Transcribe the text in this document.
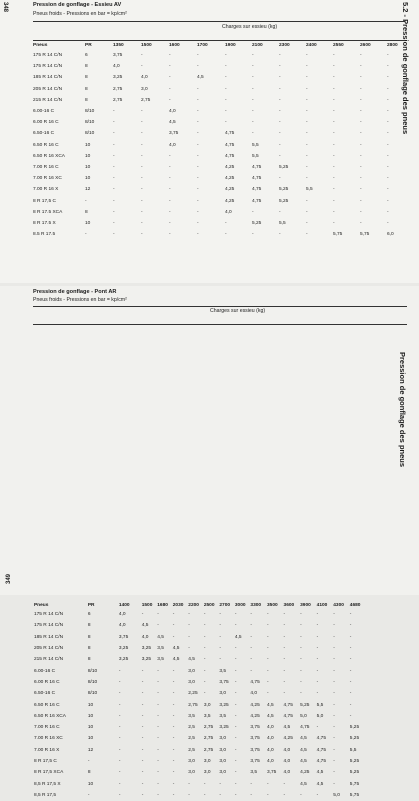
348	5.2 - Pression de gonflage des pneus
Pression de gonflage - Essieu AV
Pneus froids - Pressions en bar = kp/cm²
Charges sur essieu (kg)
	Pneus	PR	1350	1500	1600	1700	1900	2100	2300	2400	2550	2600	2800
	175 R 14 C/N	6	3,75	-	-	-	-	-	-	-	-	-	-
	175 R 14 C/N	8	4,0	-	-	-	-	-	-	-	-	-	-
	185 R 14 C/N	8	3,25	4,0	-	4,5	-	-	-	-	-	-	-
	205 R 14 C/N	8	2,75	3,0	-	-	-	-	-	-	-	-	-
	215 R 14 C/N	8	2,75	2,75	-	-	-	-	-	-	-	-	-
	6.00-16 C	8/10	-	-	4,0	-	-	-	-	-	-	-	-
	6.00 R 16 C	8/10	-	-	4,5	-	-	-	-	-	-	-	-
	6.50-16 C	8/10	-	-	3,75	-	4,75	-	-	-	-	-	-
	6.50 R 16 C	10	-	-	4,0	-	4,75	5,5	-	-	-	-	-
	6.50 R 16 XCA	10	-	-	-	-	4,75	5,5	-	-	-	-	-
	7.00 R 16 C	10	-	-	-	-	4,25	4,75	5,25	-	-	-	-
	7.00 R 16 XC	10	-	-	-	-	4,25	4,75	-	-	-	-	-
	7.00 R 16 X	12	-	-	-	-	4,25	4,75	5,25	5,5	-	-	-
	8 R 17,5 C	-	-	-	-	-	4,25	4,75	5,25	-	-	-	-
	8 R 17.5 XCA	8	-	-	-	-	4,0	-	-	-	-	-	-
	8 R 17.5 X	10	-	-	-	-	-	5,25	5,5	-	-	-	-
	8.5 R 17.5	-	-	-	-	-	-	-	-	-	5,75	5,75	6,0
Pression de gonflage - Pont AR
Pneus froids - Pressions en bar = kp/cm²
Charges sur essieu (kg)
	Pneus	PR	1400	1500	1680	2030	2200	2500	2700	3000	3300	3500	3600	3900	4100	4300	4680
	175 R 14 C/N	6	4,0	-	-	-	-	-	-	-	-	-	-	-	-	-	-
	175 R 14 C/N	8	4,0	4,5	-	-	-	-	-	-	-	-	-	-	-	-	-
	185 R 14 C/N	8	3,75	4,0	4,5	-	-	-	-	4,5	-	-	-	-	-	-	-
	205 R 14 C/N	8	3,25	3,25	3,5	4,5	-	-	-	-	-	-	-	-	-	-	-
	215 R 14 C/N	8	3,25	3,25	3,5	4,5	4,5	-	-	-	-	-	-	-	-	-	-
	6.00-16 C	8/10	-	-	-	-	3,0	-	3,5	-	-	-	-	-	-	-	-
	6.00 R 16 C	8/10	-	-	-	-	3,0	-	3,75	-	4,75	-	-	-	-	-	-
	6.50-16 C	8/10	-	-	-	-	2,25	-	3,0	-	4,0	-	-	-	-	-	-
	6.50 R 16 C	10	-	-	-	-	2,75	3,0	3,25	-	4,25	4,5	4,75	5,25	5,5	-	-
	6.50 R 16 XCA	10	-	-	-	-	3,5	3,5	3,5	-	4,25	4,5	4,75	5,0	5,0	-	-
	7.00 R 16 C	10	-	-	-	-	2,5	2,75	3,25	-	3,75	4,0	4,5	4,75	-	-	5,25
	7.00 R 16 XC	10	-	-	-	-	2,5	2,75	3,0	-	3,75	4,0	4,25	4,5	4,75	-	5,25
	7.00 R 16 X	12	-	-	-	-	2,5	2,75	3,0	-	3,75	4,0	4,0	4,5	4,75	-	5,5
	8 R 17,5 C	-	-	-	-	-	3,0	3,0	3,0	-	3,75	4,0	4,0	4,5	4,75	-	5,25
	8 R 17,5 XCA	8	-	-	-	-	3,0	3,0	3,0	-	3,5	3,75	4,0	4,25	4,5	-	5,25
	8,5 R 17,5 X	10	-	-	-	-	-	-	-	-	-	-	-	4,5	4,5	-	5,75
	8,5 R 17,5	-	-	-	-	-	-	-	-	-	-	-	-	-	-	5,0	5,75
349
Pression de gonflage des pneus
